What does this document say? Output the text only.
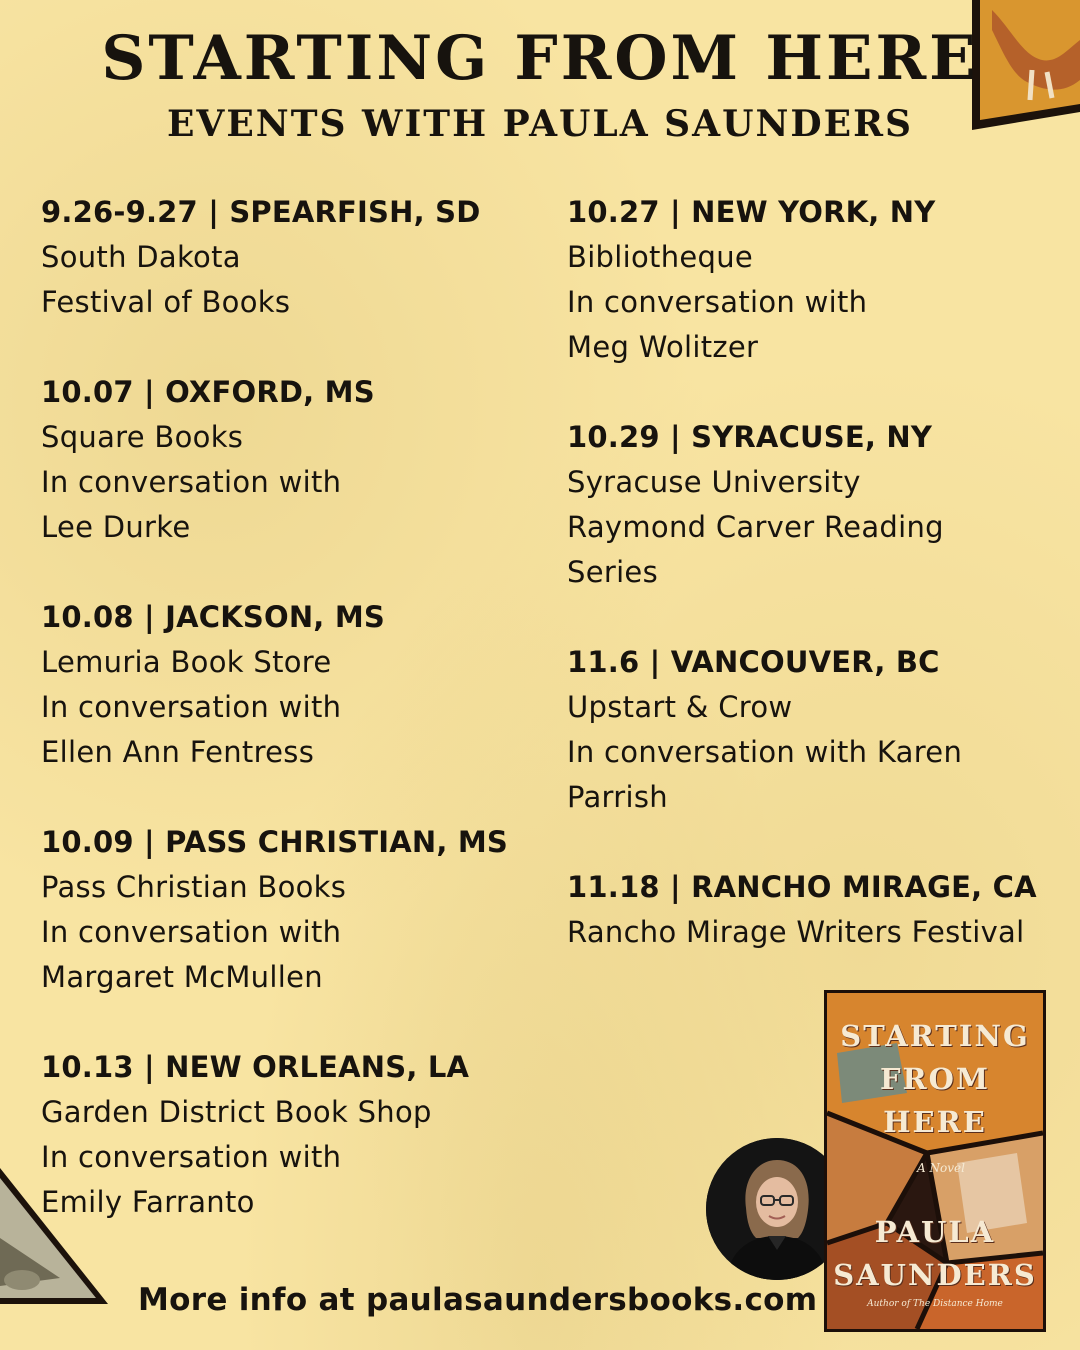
STARTING FROM HERE
EVENTS WITH PAULA SAUNDERS
9.26-9.27 | SPEARFISH, SD
South Dakota
Festival of Books
10.07 | OXFORD, MS
Square Books
In conversation with
Lee Durke
10.08 | JACKSON, MS
Lemuria Book Store
In conversation with
Ellen Ann Fentress
10.09 | PASS CHRISTIAN, MS
Pass Christian Books
In conversation with
Margaret McMullen
10.13 | NEW ORLEANS, LA
Garden District Book Shop
In conversation with
Emily Farranto
10.27 | NEW YORK, NY
Bibliotheque
In conversation with
Meg Wolitzer
10.29 | SYRACUSE, NY
Syracuse University
Raymond Carver Reading
Series
11.6 | VANCOUVER, BC
Upstart & Crow
In conversation with Karen
Parrish
11.18 | RANCHO MIRAGE, CA
Rancho Mirage Writers Festival
STARTING
FROM
HERE
A Novel
PAULA
SAUNDERS
Author of The Distance Home
More info at paulasaundersbooks.com
